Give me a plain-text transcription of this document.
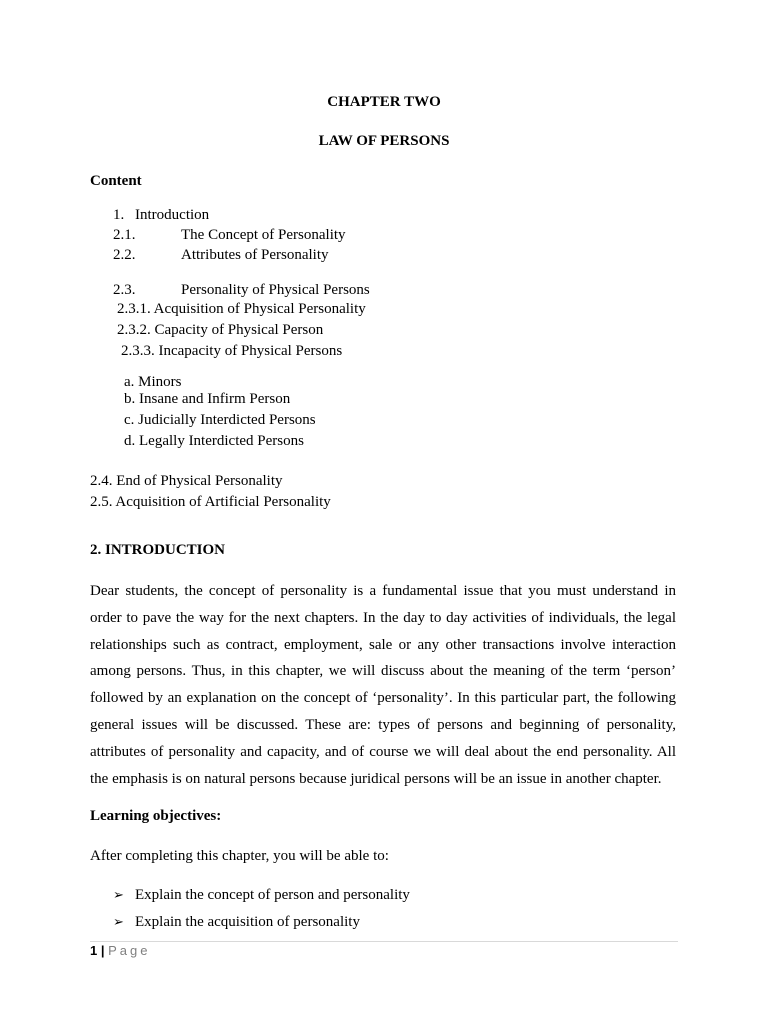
CHAPTER TWO
LAW OF PERSONS
Content
1. Introduction
2.1.	The Concept of Personality
2.2.	Attributes of Personality
2.3.	Personality of Physical Persons
2.3.1. Acquisition of Physical Personality
2.3.2. Capacity of Physical Person
2.3.3. Incapacity of Physical Persons
a. Minors
b. Insane and Infirm Person
c. Judicially Interdicted Persons
d. Legally Interdicted Persons
2.4. End of Physical Personality
2.5. Acquisition of Artificial Personality
2. INTRODUCTION
Dear students, the concept of personality is a fundamental issue that you must understand in
order to pave the way for the next chapters. In the day to day activities of individuals, the legal
relationships such as contract, employment, sale or any other transactions involve interaction
among persons. Thus, in this chapter, we will discuss about the meaning of the term ‘person’
followed by an explanation on the concept of ‘personality’. In this particular part, the following
general issues will be discussed. These are: types of persons and beginning of personality,
attributes of personality and capacity, and of course we will deal about the end personality. All
the emphasis is on natural persons because juridical persons will be an issue in another chapter.
Learning objectives:
After completing this chapter, you will be able to:
➢ Explain the concept of person and personality
➢ Explain the acquisition of personality
1 | Page
